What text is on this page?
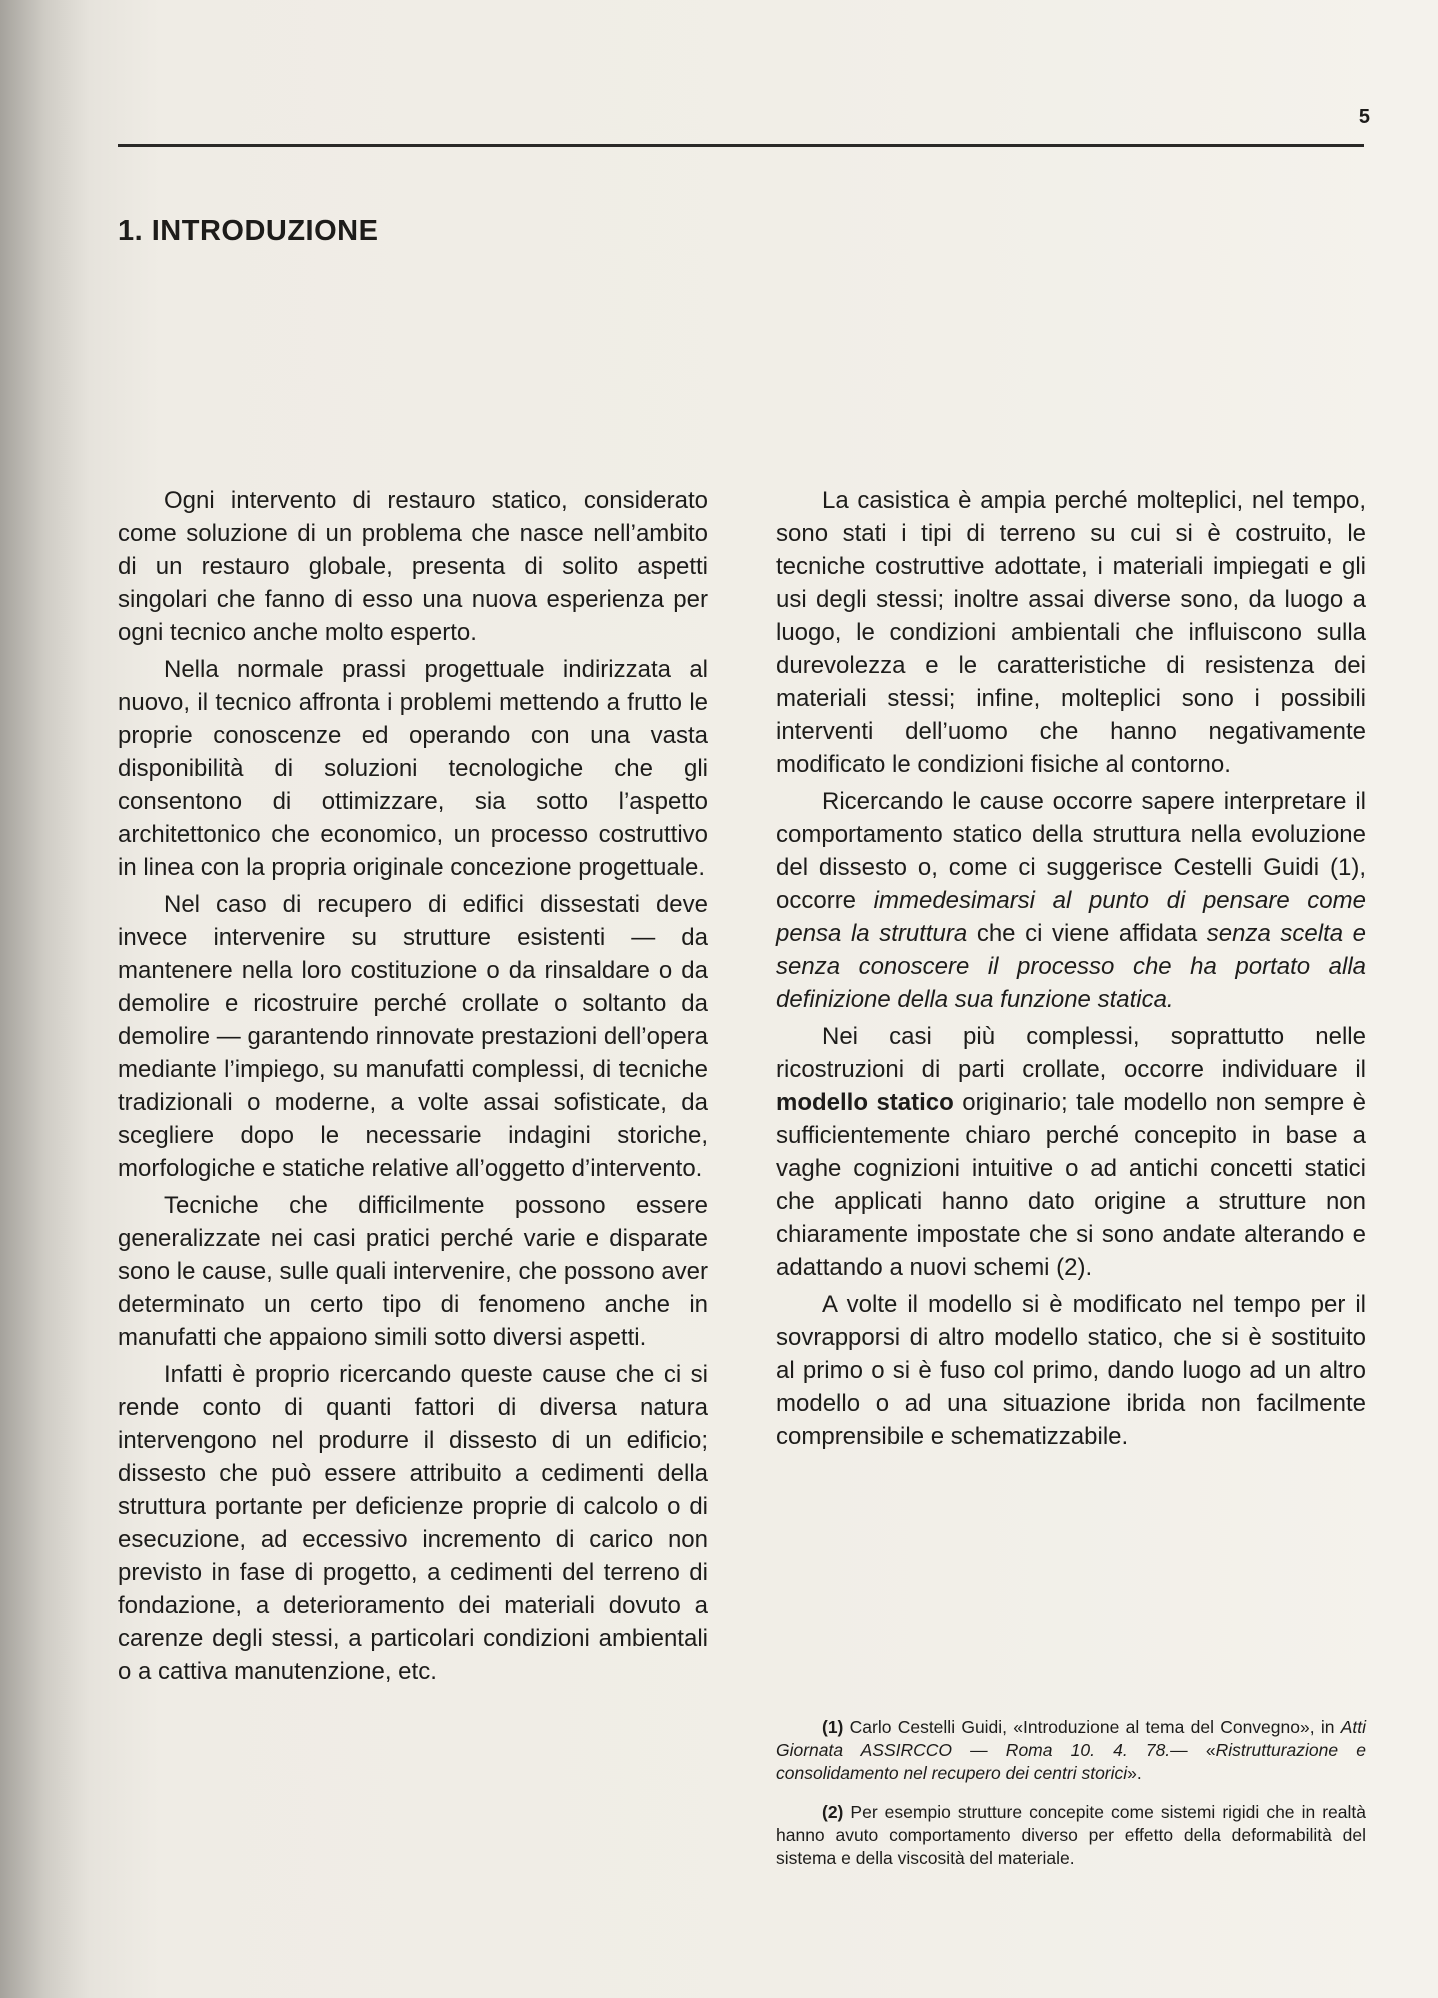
5
1. INTRODUZIONE

Ogni intervento di restauro statico, considerato come soluzione di un problema che nasce nell’ambito di un restauro globale, presenta di solito aspetti singolari che fanno di esso una nuova esperienza per ogni tecnico anche molto esperto.

Nella normale prassi progettuale indirizzata al nuovo, il tecnico affronta i problemi mettendo a frutto le proprie conoscenze ed operando con una vasta disponibilità di soluzioni tecnologiche che gli consentono di ottimizzare, sia sotto l’aspetto architettonico che economico, un processo costruttivo in linea con la propria originale concezione progettuale.

Nel caso di recupero di edifici dissestati deve invece intervenire su strutture esistenti — da mantenere nella loro costituzione o da rinsaldare o da demolire e ricostruire perché crollate o soltanto da demolire — garantendo rinnovate prestazioni dell’opera mediante l’impiego, su manufatti complessi, di tecniche tradizionali o moderne, a volte assai sofisticate, da scegliere dopo le necessarie indagini storiche, morfologiche e statiche relative all’oggetto d’intervento.

Tecniche che difficilmente possono essere generalizzate nei casi pratici perché varie e disparate sono le cause, sulle quali intervenire, che possono aver determinato un certo tipo di fenomeno anche in manufatti che appaiono simili sotto diversi aspetti.

Infatti è proprio ricercando queste cause che ci si rende conto di quanti fattori di diversa natura intervengono nel produrre il dissesto di un edificio; dissesto che può essere attribuito a cedimenti della struttura portante per deficienze proprie di calcolo o di esecuzione, ad eccessivo incremento di carico non previsto in fase di progetto, a cedimenti del terreno di fondazione, a deterioramento dei materiali dovuto a carenze degli stessi, a particolari condizioni ambientali o a cattiva manutenzione, etc.

La casistica è ampia perché molteplici, nel tempo, sono stati i tipi di terreno su cui si è costruito, le tecniche costruttive adottate, i materiali impiegati e gli usi degli stessi; inoltre assai diverse sono, da luogo a luogo, le condizioni ambientali che influiscono sulla durevolezza e le caratteristiche di resistenza dei materiali stessi; infine, molteplici sono i possibili interventi dell’uomo che hanno negativamente modificato le condizioni fisiche al contorno.

Ricercando le cause occorre sapere interpretare il comportamento statico della struttura nella evoluzione del dissesto o, come ci suggerisce Cestelli Guidi (1), occorre immedesimarsi al punto di pensare come pensa la struttura che ci viene affidata senza scelta e senza conoscere il processo che ha portato alla definizione della sua funzione statica.

Nei casi più complessi, soprattutto nelle ricostruzioni di parti crollate, occorre individuare il modello statico originario; tale modello non sempre è sufficientemente chiaro perché concepito in base a vaghe cognizioni intuitive o ad antichi concetti statici che applicati hanno dato origine a strutture non chiaramente impostate che si sono andate alterando e adattando a nuovi schemi (2).

A volte il modello si è modificato nel tempo per il sovrapporsi di altro modello statico, che si è sostituito al primo o si è fuso col primo, dando luogo ad un altro modello o ad una situazione ibrida non facilmente comprensibile e schematizzabile.

(1) Carlo Cestelli Guidi, «Introduzione al tema del Convegno», in Atti Giornata ASSIRCCO — Roma 10. 4. 78.— «Ristrutturazione e consolidamento nel recupero dei centri storici».

(2) Per esempio strutture concepite come sistemi rigidi che in realtà hanno avuto comportamento diverso per effetto della deformabilità del sistema e della viscosità del materiale.
